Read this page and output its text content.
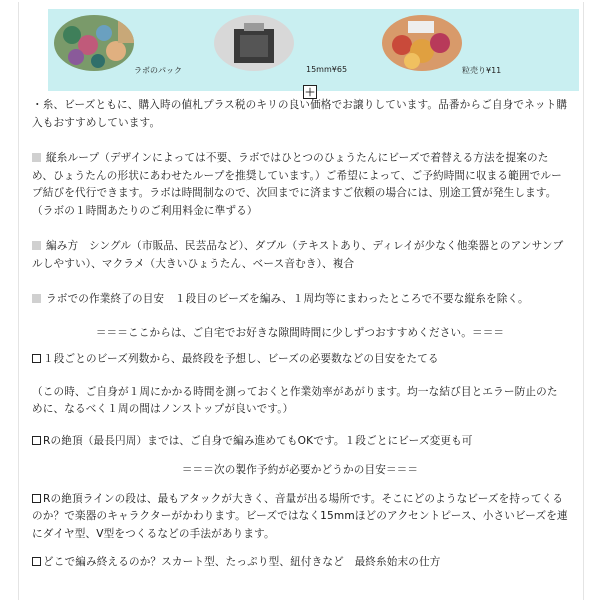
ラボのパック	15mm¥65	粒売り¥11

・糸、ビーズともに、購入時の値札プラス税のキリの良い価格でお譲りしています。品番からご自身でネット購入もおすすめしています。

縦糸ループ（デザインによっては不要、ラボではひとつのひょうたんにビーズで着替える方法を提案のため、ひょうたんの形状にあわせたループを推奨しています。）ご希望によって、ご予約時間に収まる範囲でループ結びを代行できます。ラボは時間制なので、次回までに済ますご依頼の場合には、別途工賃が発生します。（ラボの１時間あたりのご利用料金に準ずる）

編み方　シングル（市販品、民芸品など）、ダブル（テキストあり、ディレイが少なく他楽器とのアンサンブルしやすい）、マクラメ（大きいひょうたん、ベース音むき）、複合

ラボでの作業終了の目安　１段目のビーズを編み、１周均等にまわったところで不要な縦糸を除く。

＝＝＝ここからは、ご自宅でお好きな隙間時間に少しずつおすすめください。＝＝＝

１段ごとのビーズ列数から、最終段を予想し、ビーズの必要数などの目安をたてる

（この時、ご自身が１周にかかる時間を測っておくと作業効率があがります。均一な結び目とエラー防止のために、なるべく１周の間はノンストップが良いです。）

Rの絶頂（最長円周）までは、ご自身で編み進めてもOKです。１段ごとにビーズ変更も可

＝＝＝次の製作予約が必要かどうかの目安＝＝＝

Rの絶頂ラインの段は、最もアタックが大きく、音量が出る場所です。そこにどのようなビーズを持ってくるのか？で楽器のキャラクターがかわります。ビーズではなく15mmほどのアクセントピース、小さいビーズを連にダイヤ型、V型をつくるなどの手法があります。

どこで編み終えるのか？スカート型、たっぷり型、紐付きなど　最終糸始末の仕方
